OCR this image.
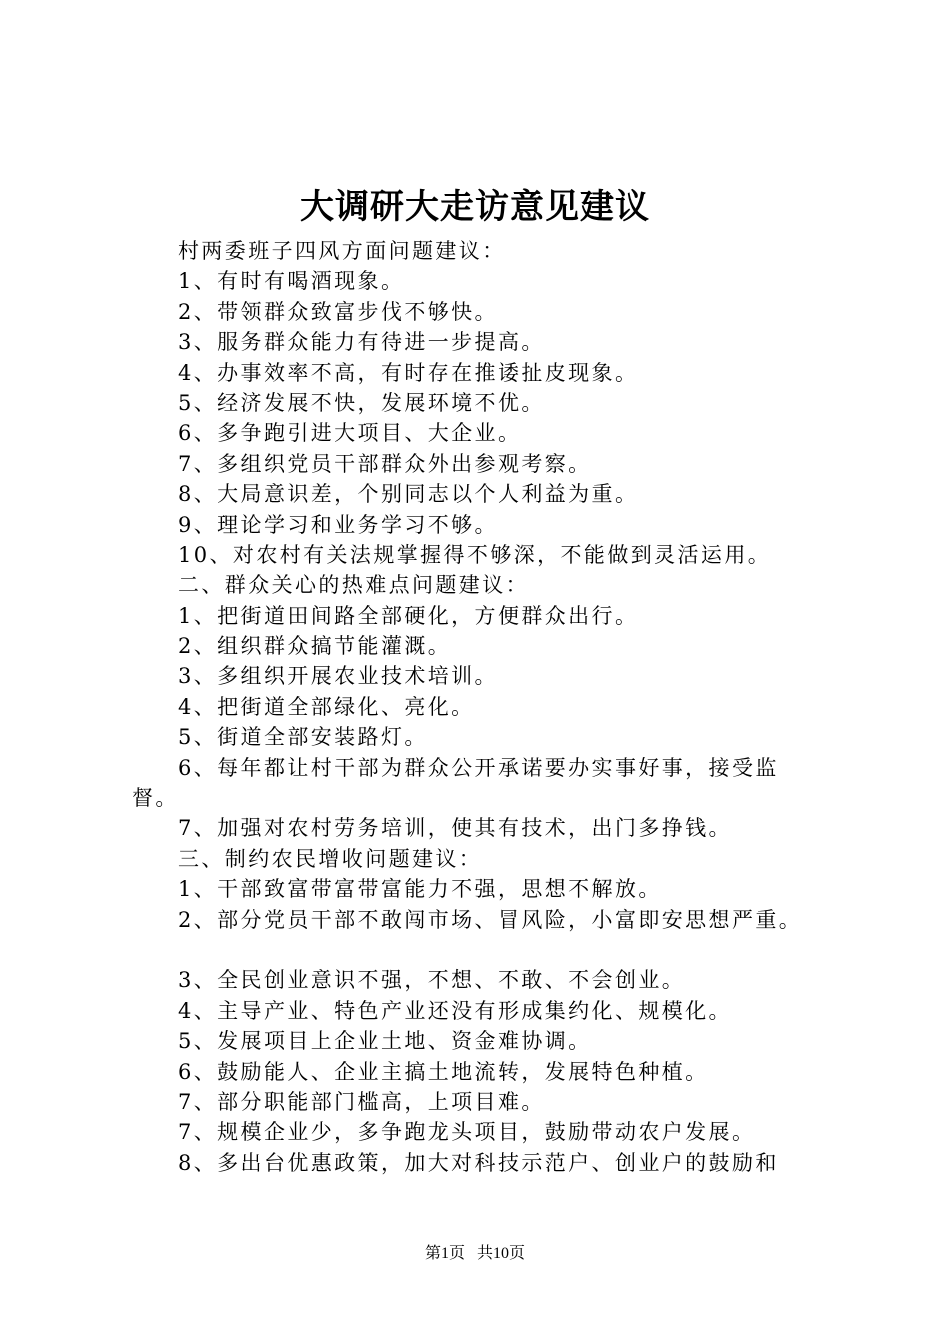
大调研大走访意见建议
村两委班子四风方面问题建议：
1、有时有喝酒现象。
2、带领群众致富步伐不够快。
3、服务群众能力有待进一步提高。
4、办事效率不高，有时存在推诿扯皮现象。
5、经济发展不快，发展环境不优。
6、多争跑引进大项目、大企业。
7、多组织党员干部群众外出参观考察。
8、大局意识差，个别同志以个人利益为重。
9、理论学习和业务学习不够。
10、对农村有关法规掌握得不够深，不能做到灵活运用。
二、群众关心的热难点问题建议：
1、把街道田间路全部硬化，方便群众出行。
2、组织群众搞节能灌溉。
3、多组织开展农业技术培训。
4、把街道全部绿化、亮化。
5、街道全部安装路灯。
6、每年都让村干部为群众公开承诺要办实事好事，接受监
督。
7、加强对农村劳务培训，使其有技术，出门多挣钱。
三、制约农民增收问题建议：
1、干部致富带富带富能力不强，思想不解放。
2、部分党员干部不敢闯市场、冒风险，小富即安思想严重。
3、全民创业意识不强，不想、不敢、不会创业。
4、主导产业、特色产业还没有形成集约化、规模化。
5、发展项目上企业土地、资金难协调。
6、鼓励能人、企业主搞土地流转，发展特色种植。
7、部分职能部门槛高，上项目难。
7、规模企业少，多争跑龙头项目，鼓励带动农户发展。
8、多出台优惠政策，加大对科技示范户、创业户的鼓励和
第1页 共10页
